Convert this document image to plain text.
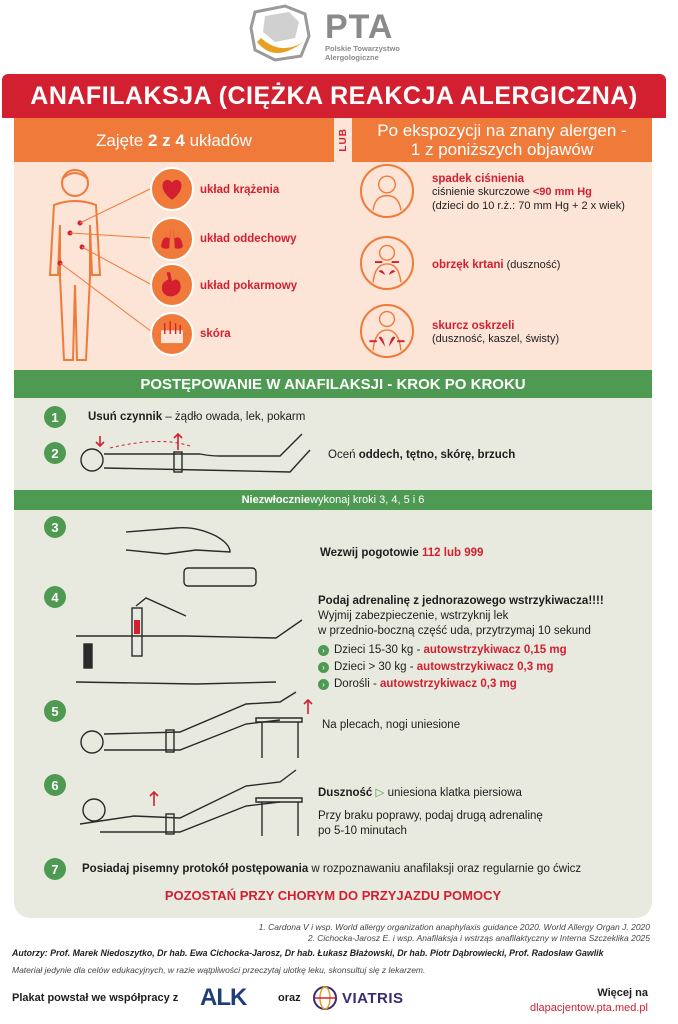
PTA
Polskie Towarzystwo
Alergologiczne
ANAFILAKSJA (CIĘŻKA REAKCJA ALERGICZNA)
Zajęte 2 z 4 układów	LUB Po ekspozycji na znany alergen -
1 z poniższych objawów
układ krążenia
układ oddechowy
układ pokarmowy
skóra
spadek ciśnienia
ciśnienie skurczowe <90 mm Hg
(dzieci do 10 r.ż.: 70 mm Hg + 2 x wiek)
obrzęk krtani (duszność)
skurcz oskrzeli
(duszność, kaszel, świsty)
POSTĘPOWANIE W ANAFILAKSJI - KROK PO KROKU
1	Usuń czynnik – żądło owada, lek, pokarm
2	Oceń oddech, tętno, skórę, brzuch
Niezwłocznie wykonaj kroki 3, 4, 5 i 6
3
Wezwij pogotowie 112 lub 999
4	Podaj adrenalinę z jednorazowego wstrzykiwacza!!!!
Wyjmij zabezpieczenie, wstrzyknij lek
w przednio-boczną część uda, przytrzymaj 10 sekund
› Dzieci 15-30 kg - autowstrzykiwacz 0,15 mg
› Dzieci > 30 kg - autowstrzykiwacz 0,3 mg
› Dorośli - autowstrzykiwacz 0,3 mg
5
Na plecach, nogi uniesione
6
Duszność ▷ uniesiona klatka piersiowa
Przy braku poprawy, podaj drugą adrenalinę
po 5-10 minutach
7	Posiadaj pisemny protokół postępowania w rozpoznawaniu anafilaksji oraz regularnie go ćwicz
POZOSTAŃ PRZY CHORYM DO PRZYJAZDU POMOCY
1. Cardona V i wsp. World allergy organization anaphylaxis guidance 2020. World Allergy Organ J. 2020
2. Cichocka-Jarosz E. i wsp. Anafilaksja i wstrząs anafilaktyczny w Interna Szczeklika 2025
Autorzy: Prof. Marek Niedoszytko, Dr hab. Ewa Cichocka-Jarosz, Dr hab. Łukasz Błażowski, Dr hab. Piotr Dąbrowiecki, Prof. Radosław Gawlik
Materiał jedynie dla celów edukacyjnych, w razie wątpliwości przeczytaj ulotkę leku, skonsultuj się z lekarzem.
Plakat powstał we współpracy z ALK	oraz	VIATRIS	Więcej na
dlapacjentow.pta.med.pl
